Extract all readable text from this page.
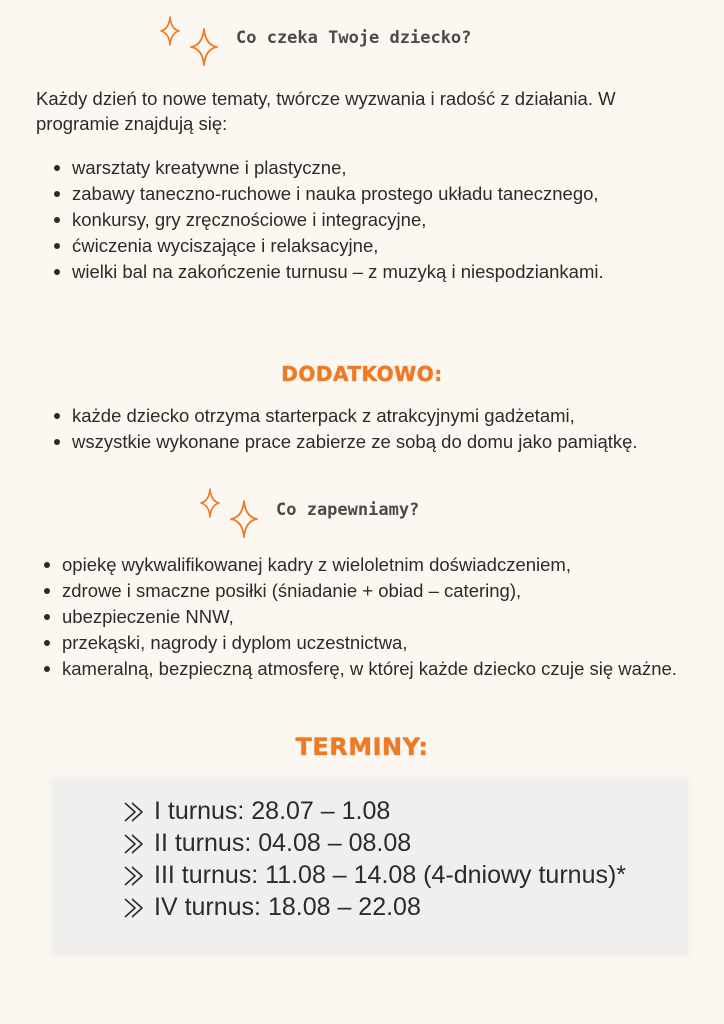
Co czeka Twoje dziecko?
Każdy dzień to nowe tematy, twórcze wyzwania i radość z działania. W programie znajdują się:
warsztaty kreatywne i plastyczne,
zabawy taneczno-ruchowe i nauka prostego układu tanecznego,
konkursy, gry zręcznościowe i integracyjne,
ćwiczenia wyciszające i relaksacyjne,
wielki bal na zakończenie turnusu – z muzyką i niespodziankami.
DODATKOWO:
każde dziecko otrzyma starterpack z atrakcyjnymi gadżetami,
wszystkie wykonane prace zabierze ze sobą do domu jako pamiątkę.
Co zapewniamy?
opiekę wykwalifikowanej kadry z wieloletnim doświadczeniem,
zdrowe i smaczne posiłki (śniadanie + obiad – catering),
ubezpieczenie NNW,
przekąski, nagrody i dyplom uczestnictwa,
kameralną, bezpieczną atmosferę, w której każde dziecko czuje się ważne.
TERMINY:
I turnus: 28.07 – 1.08
II turnus: 04.08 – 08.08
III turnus: 11.08 – 14.08 (4-dniowy turnus)*
IV turnus: 18.08 – 22.08
